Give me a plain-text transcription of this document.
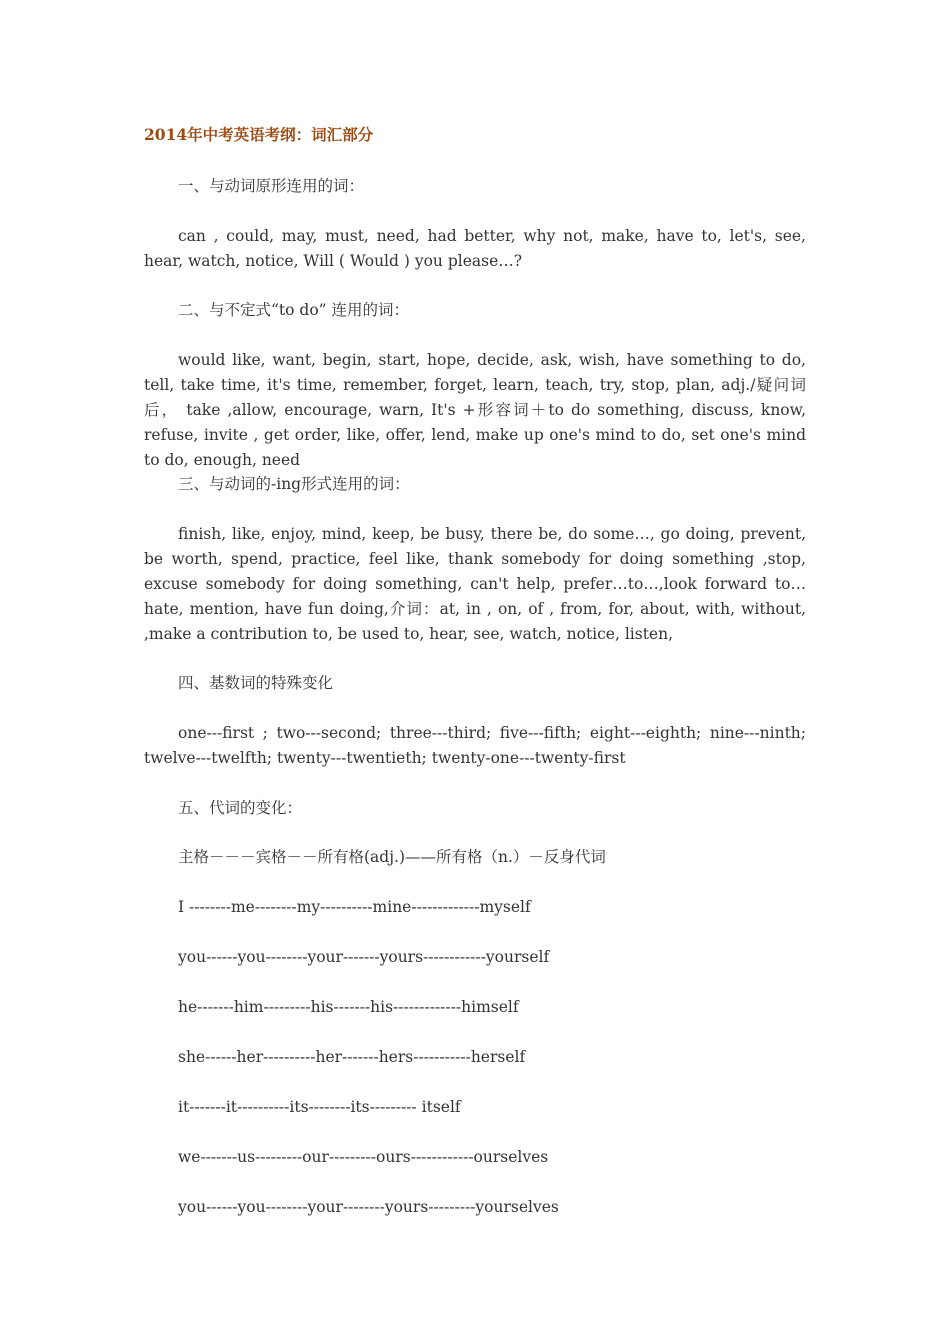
2014年中考英语考纲：词汇部分

一、与动词原形连用的词：

can , could, may, must, need, had better, why not, make, have to, let's, see, hear, watch, notice, Will ( Would ) you please…?

二、与不定式“to do” 连用的词：

would like, want, begin, start, hope, decide, ask, wish, have something to do, tell, take time, it's time, remember, forget, learn, teach, try, stop, plan, adj./疑问词后， take ,allow, encourage, warn, It's +形容词＋to do something, discuss, know, refuse, invite , get order, like, offer, lend, make up one's mind to do, set one's mind to do, enough, need

三、与动词的-ing形式连用的词：

finish, like, enjoy, mind, keep, be busy, there be, do some…, go doing, prevent, be worth, spend, practice, feel like, thank somebody for doing something ,stop, excuse somebody for doing something, can't help, prefer…to…,look forward to…hate, mention, have fun doing,介词：at, in , on, of , from, for, about, with, without, ,make a contribution to, be used to, hear, see, watch, notice, listen,

四、基数词的特殊变化

one---first ; two---second; three---third; five---fifth; eight---eighth; nine---ninth; twelve---twelfth; twenty---twentieth; twenty-one---twenty-first

五、代词的变化：

主格－－－宾格－－所有格(adj.)——所有格（n.）－反身代词

I --------me--------my----------mine-------------myself

you------you--------your-------yours------------yourself

he-------him---------his-------his-------------himself

she------her----------her-------hers-----------herself

it-------it----------its--------its--------- itself

we-------us---------our---------ours------------ourselves

you------you--------your--------yours---------yourselves
